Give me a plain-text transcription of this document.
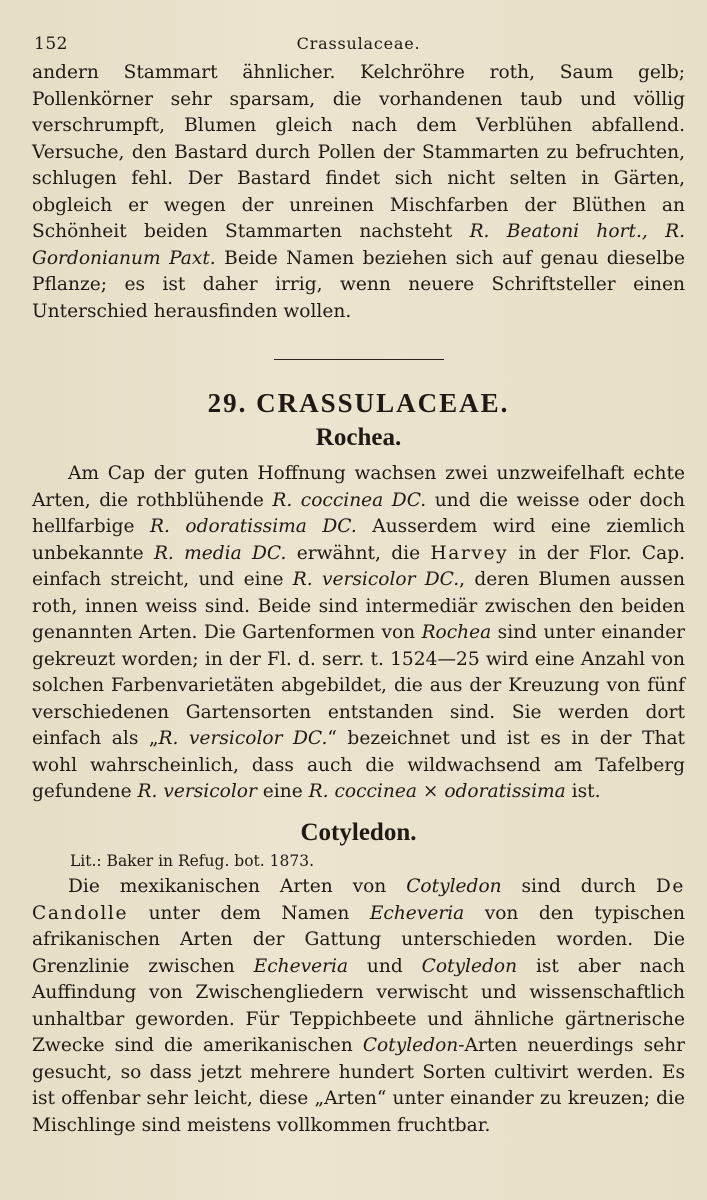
152	Crassulaceae.

andern Stammart ähnlicher. Kelchröhre roth, Saum gelb; Pollenkörner sehr sparsam, die vorhandenen taub und völlig verschrumpft, Blumen gleich nach dem Verblühen abfallend. Versuche, den Bastard durch Pollen der Stammarten zu befruchten, schlugen fehl. Der Bastard findet sich nicht selten in Gärten, obgleich er wegen der unreinen Mischfarben der Blüthen an Schönheit beiden Stammarten nachsteht R. Beatoni hort., R. Gordonianum Paxt. Beide Namen beziehen sich auf genau dieselbe Pflanze; es ist daher irrig, wenn neuere Schriftsteller einen Unterschied herausfinden wollen.

29. CRASSULACEAE.
Rochea.

Am Cap der guten Hoffnung wachsen zwei unzweifelhaft echte Arten, die rothblühende R. coccinea DC. und die weisse oder doch hellfarbige R. odoratissima DC. Ausserdem wird eine ziemlich unbekannte R. media DC. erwähnt, die Harvey in der Flor. Cap. einfach streicht, und eine R. versicolor DC., deren Blumen aussen roth, innen weiss sind. Beide sind intermediär zwischen den beiden genannten Arten. Die Gartenformen von Rochea sind unter einander gekreuzt worden; in der Fl. d. serr. t. 1524—25 wird eine Anzahl von solchen Farbenvarietäten abgebildet, die aus der Kreuzung von fünf verschiedenen Gartensorten entstanden sind. Sie werden dort einfach als „R. versicolor DC.“ bezeichnet und ist es in der That wohl wahrscheinlich, dass auch die wildwachsend am Tafelberg gefundene R. versicolor eine R. coccinea × odoratissima ist.

Cotyledon.
Lit.: Baker in Refug. bot. 1873.

Die mexikanischen Arten von Cotyledon sind durch De Candolle unter dem Namen Echeveria von den typischen afrikanischen Arten der Gattung unterschieden worden. Die Grenzlinie zwischen Echeveria und Cotyledon ist aber nach Auffindung von Zwischengliedern verwischt und wissenschaftlich unhaltbar geworden. Für Teppichbeete und ähnliche gärtnerische Zwecke sind die amerikanischen Cotyledon-Arten neuerdings sehr gesucht, so dass jetzt mehrere hundert Sorten cultivirt werden. Es ist offenbar sehr leicht, diese „Arten“ unter einander zu kreuzen; die Mischlinge sind meistens vollkommen fruchtbar.
